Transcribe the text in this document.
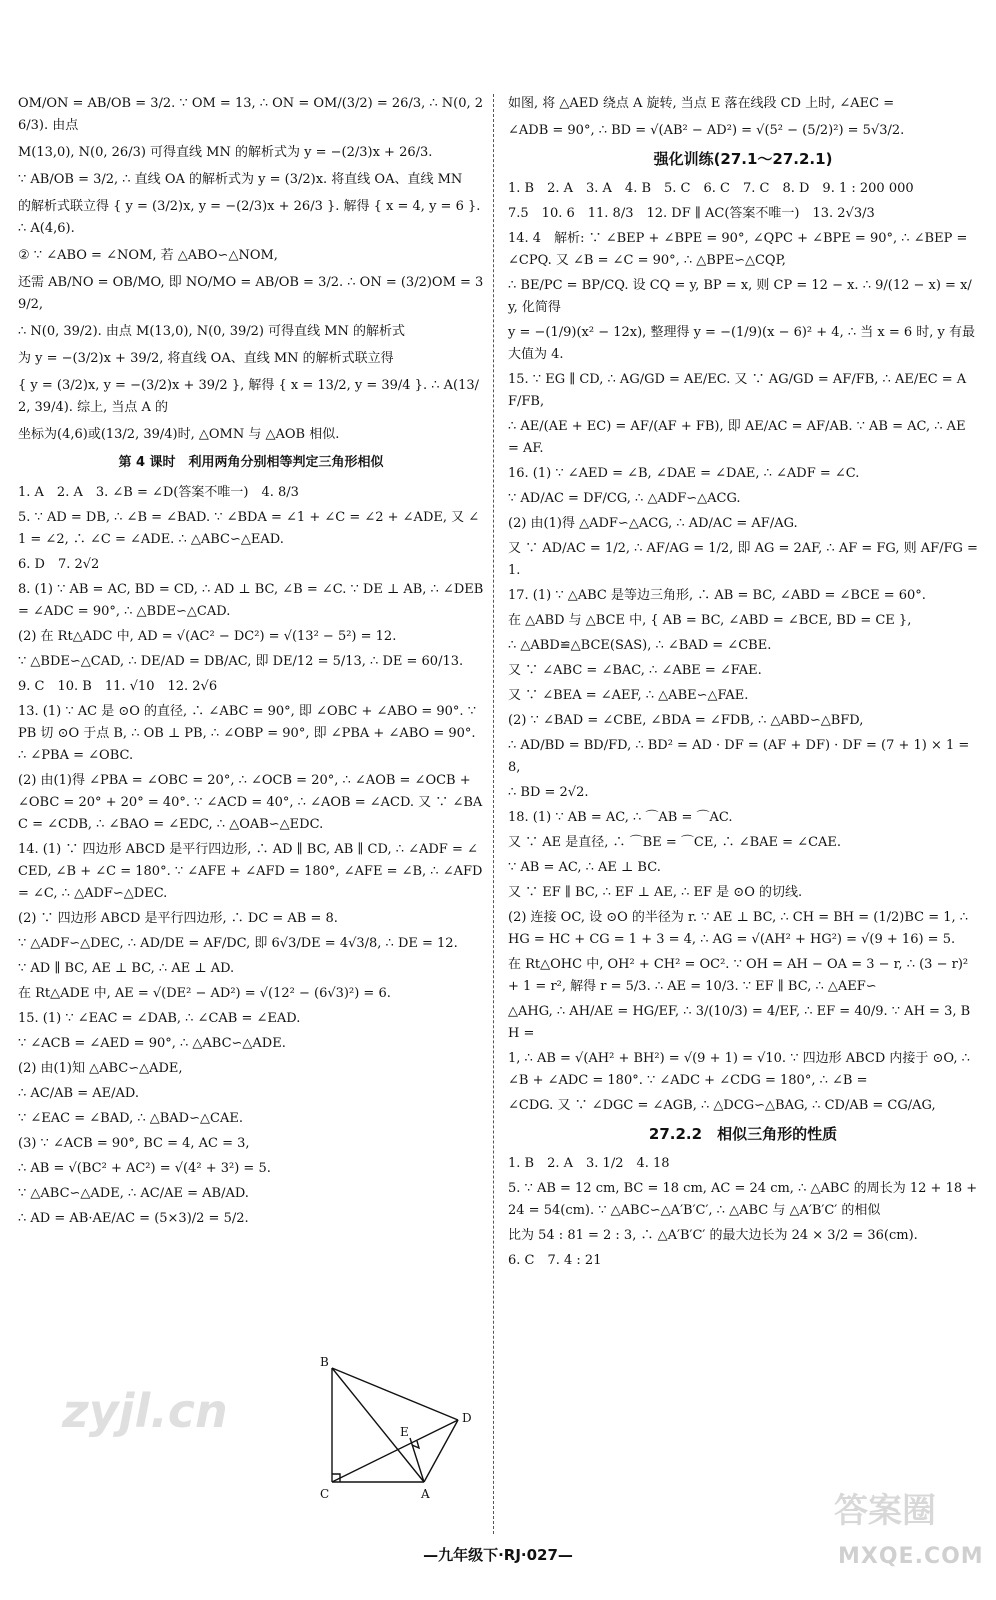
OM/ON = AB/OB = 3/2. ∵ OM = 13, ∴ ON = OM/(3/2) = 26/3, ∴ N(0, 26/3). 由点

M(13,0), N(0, 26/3) 可得直线 MN 的解析式为 y = −(2/3)x + 26/3.

∵ AB/OB = 3/2, ∴ 直线 OA 的解析式为 y = (3/2)x. 将直线 OA、直线 MN

的解析式联立得 { y = (3/2)x, y = −(2/3)x + 26/3 }. 解得 { x = 4, y = 6 }. ∴ A(4,6).

② ∵ ∠ABO = ∠NOM, 若 △ABO∽△NOM,

还需 AB/NO = OB/MO, 即 NO/MO = AB/OB = 3/2. ∴ ON = (3/2)OM = 39/2,

∴ N(0, 39/2). 由点 M(13,0), N(0, 39/2) 可得直线 MN 的解析式

为 y = −(3/2)x + 39/2, 将直线 OA、直线 MN 的解析式联立得

{ y = (3/2)x, y = −(3/2)x + 39/2 }, 解得 { x = 13/2, y = 39/4 }. ∴ A(13/2, 39/4). 综上, 当点 A 的

坐标为(4,6)或(13/2, 39/4)时, △OMN 与 △AOB 相似.

第 4 课时　利用两角分别相等判定三角形相似

1. A　2. A　3. ∠B = ∠D(答案不唯一)　4. 8/3

5. ∵ AD = DB, ∴ ∠B = ∠BAD. ∵ ∠BDA = ∠1 + ∠C = ∠2 + ∠ADE, 又 ∠1 = ∠2, ∴ ∠C = ∠ADE. ∴ △ABC∽△EAD.

6. D　7. 2√2

8. (1) ∵ AB = AC, BD = CD, ∴ AD ⊥ BC, ∠B = ∠C. ∵ DE ⊥ AB, ∴ ∠DEB = ∠ADC = 90°, ∴ △BDE∽△CAD.

(2) 在 Rt△ADC 中, AD = √(AC² − DC²) = √(13² − 5²) = 12.

∵ △BDE∽△CAD, ∴ DE/AD = DB/AC, 即 DE/12 = 5/13, ∴ DE = 60/13.

9. C　10. B　11. √10　12. 2√6

13. (1) ∵ AC 是 ⊙O 的直径, ∴ ∠ABC = 90°, 即 ∠OBC + ∠ABO = 90°. ∵ PB 切 ⊙O 于点 B, ∴ OB ⊥ PB, ∴ ∠OBP = 90°, 即 ∠PBA + ∠ABO = 90°. ∴ ∠PBA = ∠OBC.

(2) 由(1)得 ∠PBA = ∠OBC = 20°, ∴ ∠OCB = 20°, ∴ ∠AOB = ∠OCB + ∠OBC = 20° + 20° = 40°. ∵ ∠ACD = 40°, ∴ ∠AOB = ∠ACD. 又 ∵ ∠BAC = ∠CDB, ∴ ∠BAO = ∠EDC, ∴ △OAB∽△EDC.

14. (1) ∵ 四边形 ABCD 是平行四边形, ∴ AD ∥ BC, AB ∥ CD, ∴ ∠ADF = ∠CED, ∠B + ∠C = 180°. ∵ ∠AFE + ∠AFD = 180°, ∠AFE = ∠B, ∴ ∠AFD = ∠C, ∴ △ADF∽△DEC.

(2) ∵ 四边形 ABCD 是平行四边形, ∴ DC = AB = 8.

∵ △ADF∽△DEC, ∴ AD/DE = AF/DC, 即 6√3/DE = 4√3/8, ∴ DE = 12.

∵ AD ∥ BC, AE ⊥ BC, ∴ AE ⊥ AD.

在 Rt△ADE 中, AE = √(DE² − AD²) = √(12² − (6√3)²) = 6.

15. (1) ∵ ∠EAC = ∠DAB, ∴ ∠CAB = ∠EAD.

∵ ∠ACB = ∠AED = 90°, ∴ △ABC∽△ADE.

(2) 由(1)知 △ABC∽△ADE,

∴ AC/AB = AE/AD.

∵ ∠EAC = ∠BAD, ∴ △BAD∽△CAE.

(3) ∵ ∠ACB = 90°, BC = 4, AC = 3,

∴ AB = √(BC² + AC²) = √(4² + 3²) = 5.

∵ △ABC∽△ADE, ∴ AC/AE = AB/AD.

∴ AD = AB·AE/AC = (5×3)/2 = 5/2.

如图, 将 △AED 绕点 A 旋转, 当点 E 落在线段 CD 上时, ∠AEC =

∠ADB = 90°, ∴ BD = √(AB² − AD²) = √(5² − (5/2)²) = 5√3/2.

强化训练(27.1～27.2.1)

1. B　2. A　3. A　4. B　5. C　6. C　7. C　8. D　9. 1 : 200 000

7.5　10. 6　11. 8/3　12. DF ∥ AC(答案不唯一)　13. 2√3/3

14. 4　解析: ∵ ∠BEP + ∠BPE = 90°, ∠QPC + ∠BPE = 90°, ∴ ∠BEP = ∠CPQ. 又 ∠B = ∠C = 90°, ∴ △BPE∽△CQP,

∴ BE/PC = BP/CQ. 设 CQ = y, BP = x, 则 CP = 12 − x. ∴ 9/(12 − x) = x/y, 化简得

y = −(1/9)(x² − 12x), 整理得 y = −(1/9)(x − 6)² + 4, ∴ 当 x = 6 时, y 有最大值为 4.

15. ∵ EG ∥ CD, ∴ AG/GD = AE/EC. 又 ∵ AG/GD = AF/FB, ∴ AE/EC = AF/FB,

∴ AE/(AE + EC) = AF/(AF + FB), 即 AE/AC = AF/AB. ∵ AB = AC, ∴ AE = AF.

16. (1) ∵ ∠AED = ∠B, ∠DAE = ∠DAE, ∴ ∠ADF = ∠C.

∵ AD/AC = DF/CG, ∴ △ADF∽△ACG.

(2) 由(1)得 △ADF∽△ACG, ∴ AD/AC = AF/AG.

又 ∵ AD/AC = 1/2, ∴ AF/AG = 1/2, 即 AG = 2AF, ∴ AF = FG, 则 AF/FG = 1.

17. (1) ∵ △ABC 是等边三角形, ∴ AB = BC, ∠ABD = ∠BCE = 60°.

在 △ABD 与 △BCE 中, { AB = BC, ∠ABD = ∠BCE, BD = CE },

∴ △ABD≌△BCE(SAS), ∴ ∠BAD = ∠CBE.

又 ∵ ∠ABC = ∠BAC, ∴ ∠ABE = ∠FAE.

又 ∵ ∠BEA = ∠AEF, ∴ △ABE∽△FAE.

(2) ∵ ∠BAD = ∠CBE, ∠BDA = ∠FDB, ∴ △ABD∽△BFD,

∴ AD/BD = BD/FD, ∴ BD² = AD · DF = (AF + DF) · DF = (7 + 1) × 1 = 8,

∴ BD = 2√2.

18. (1) ∵ AB = AC, ∴ ⌒AB = ⌒AC.

又 ∵ AE 是直径, ∴ ⌒BE = ⌒CE, ∴ ∠BAE = ∠CAE.

∵ AB = AC, ∴ AE ⊥ BC.

又 ∵ EF ∥ BC, ∴ EF ⊥ AE, ∴ EF 是 ⊙O 的切线.

(2) 连接 OC, 设 ⊙O 的半径为 r. ∵ AE ⊥ BC, ∴ CH = BH = (1/2)BC = 1, ∴ HG = HC + CG = 1 + 3 = 4, ∴ AG = √(AH² + HG²) = √(9 + 16) = 5.

在 Rt△OHC 中, OH² + CH² = OC². ∵ OH = AH − OA = 3 − r, ∴ (3 − r)² + 1 = r², 解得 r = 5/3. ∴ AE = 10/3. ∵ EF ∥ BC, ∴ △AEF∽

△AHG, ∴ AH/AE = HG/EF, ∴ 3/(10/3) = 4/EF, ∴ EF = 40/9. ∵ AH = 3, BH =

1, ∴ AB = √(AH² + BH²) = √(9 + 1) = √10. ∵ 四边形 ABCD 内接于 ⊙O, ∴ ∠B + ∠ADC = 180°. ∵ ∠ADC + ∠CDG = 180°, ∴ ∠B =

∠CDG. 又 ∵ ∠DGC = ∠AGB, ∴ △DCG∽△BAG, ∴ CD/AB = CG/AG,

27.2.2　相似三角形的性质

1. B　2. A　3. 1/2　4. 18

5. ∵ AB = 12 cm, BC = 18 cm, AC = 24 cm, ∴ △ABC 的周长为 12 + 18 + 24 = 54(cm). ∵ △ABC∽△A′B′C′, ∴ △ABC 与 △A′B′C′ 的相似

比为 54 : 81 = 2 : 3, ∴ △A′B′C′ 的最大边长为 24 × 3/2 = 36(cm).

6. C　7. 4 : 21

B
D
E
A
C
zyjl.cn
答案圈
MXQE.COM
—九年级下·RJ·027—
